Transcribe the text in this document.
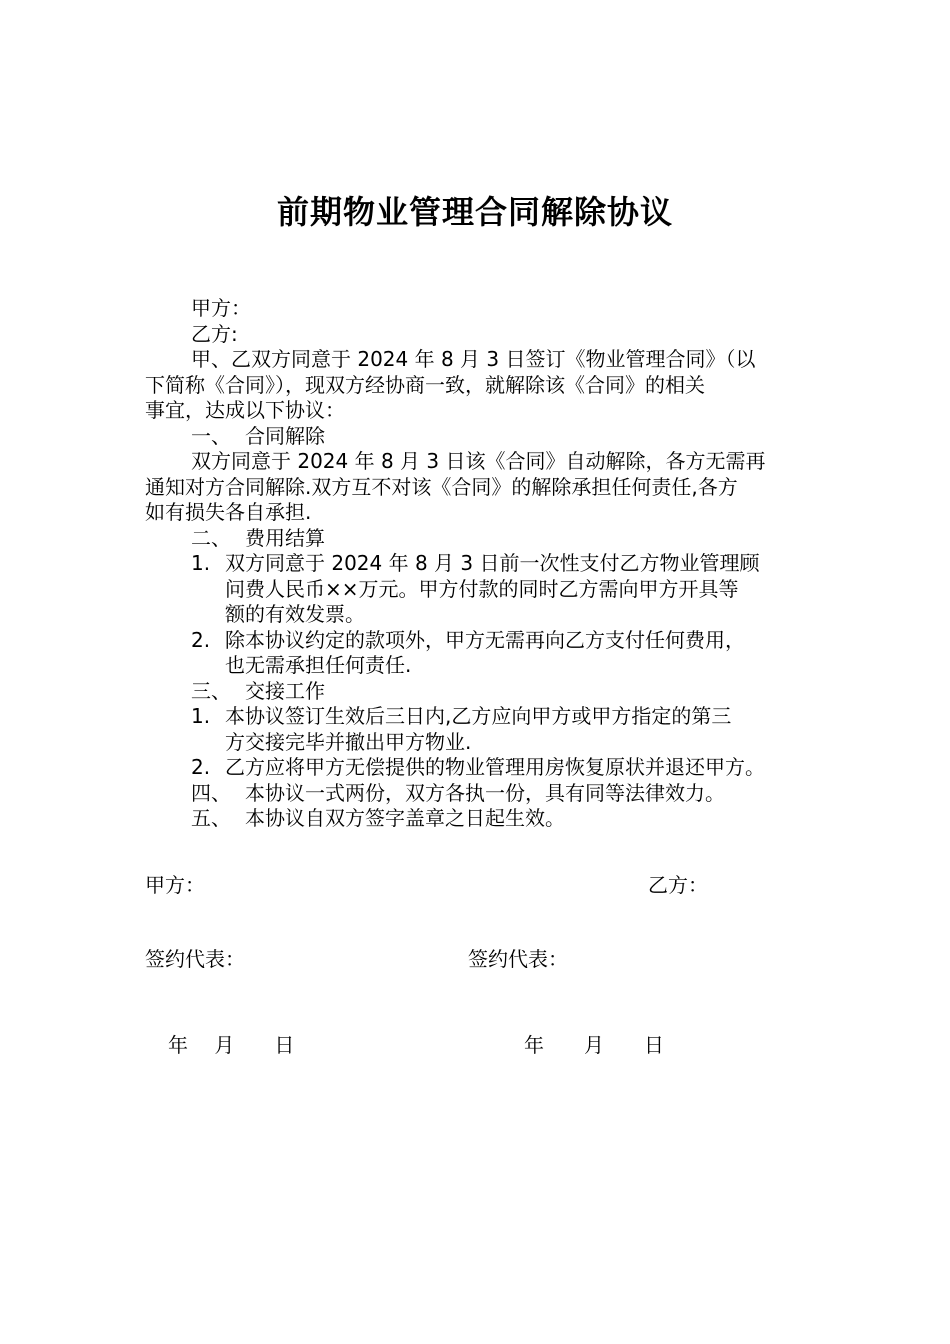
前期物业管理合同解除协议

甲方：

乙方:

甲、乙双方同意于 2024 年 8 月 3 日签订《物业管理合同》（以

下简称《合同》），现双方经协商一致，就解除该《合同》的相关

事宜，达成以下协议：

一、 合同解除

双方同意于 2024 年 8 月 3 日该《合同》自动解除，各方无需再

通知对方合同解除.双方互不对该《合同》的解除承担任何责任,各方

如有损失各自承担.

二、 费用结算

1. 双方同意于 2024 年 8 月 3 日前一次性支付乙方物业管理顾

问费人民币××万元。甲方付款的同时乙方需向甲方开具等

额的有效发票。

2. 除本协议约定的款项外，甲方无需再向乙方支付任何费用，

也无需承担任何责任.

三、 交接工作

1. 本协议签订生效后三日内,乙方应向甲方或甲方指定的第三

方交接完毕并撤出甲方物业.

2. 乙方应将甲方无偿提供的物业管理用房恢复原状并退还甲方。

四、 本协议一式两份，双方各执一份，具有同等法律效力。

五、 本协议自双方签字盖章之日起生效。

甲方：	乙方：
签约代表：	签约代表：
年　 月　　日	年　　月　　日
